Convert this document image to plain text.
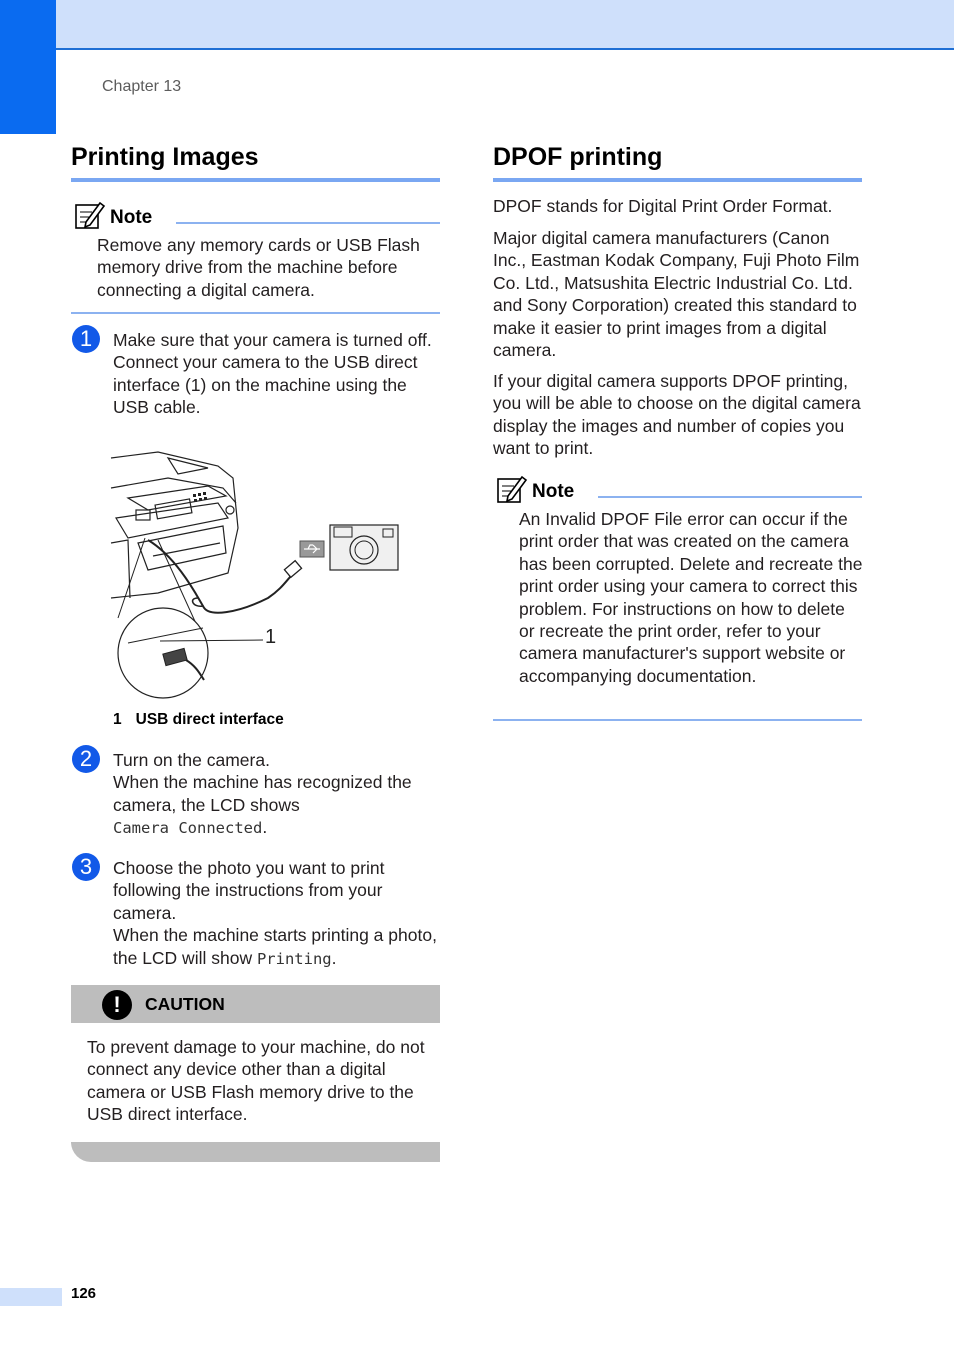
Chapter 13
Printing Images
Note

Remove any memory cards or USB Flash memory drive from the machine before connecting a digital camera.

1	Make sure that your camera is turned off. Connect your camera to the USB direct interface (1) on the machine using the USB cable.

1
1 USB direct interface
2	Turn on the camera.
When the machine has recognized the camera, the LCD shows
Camera Connected.
3	Choose the photo you want to print following the instructions from your camera.
When the machine starts printing a photo, the LCD will show Printing.
!	CAUTION

To prevent damage to your machine, do not connect any device other than a digital camera or USB Flash memory drive to the USB direct interface.

DPOF printing

DPOF stands for Digital Print Order Format.

Major digital camera manufacturers (Canon Inc., Eastman Kodak Company, Fuji Photo Film Co. Ltd., Matsushita Electric Industrial Co. Ltd. and Sony Corporation) created this standard to make it easier to print images from a digital camera.

If your digital camera supports DPOF printing, you will be able to choose on the digital camera display the images and number of copies you want to print.

Note

An Invalid DPOF File error can occur if the print order that was created on the camera has been corrupted. Delete and recreate the print order using your camera to correct this problem. For instructions on how to delete or recreate the print order, refer to your camera manufacturer's support website or accompanying documentation.

126
